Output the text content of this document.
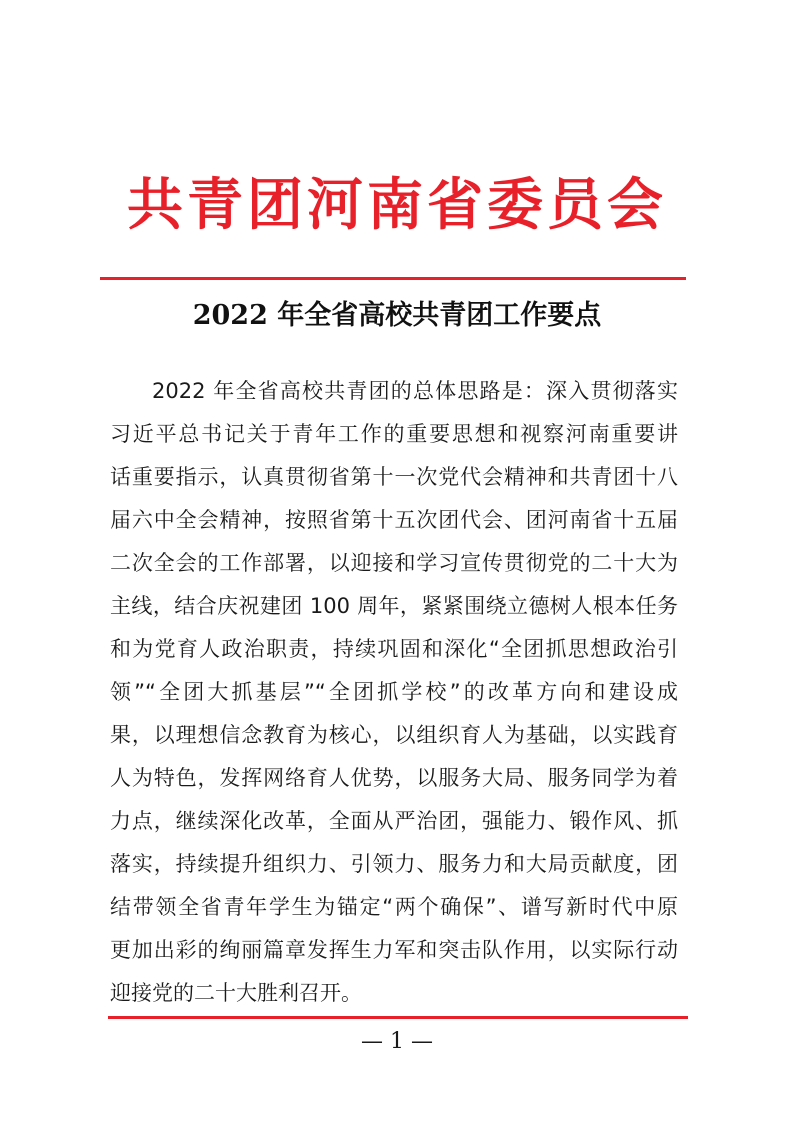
共青团河南省委员会
2022 年全省高校共青团工作要点
2022 年全省高校共青团的总体思路是：深入贯彻落实
习近平总书记关于青年工作的重要思想和视察河南重要讲
话重要指示，认真贯彻省第十一次党代会精神和共青团十八
届六中全会精神，按照省第十五次团代会、团河南省十五届
二次全会的工作部署，以迎接和学习宣传贯彻党的二十大为
主线，结合庆祝建团 100 周年，紧紧围绕立德树人根本任务
和为党育人政治职责，持续巩固和深化“全团抓思想政治引
领”“全团大抓基层”“全团抓学校”的改革方向和建设成
果，以理想信念教育为核心，以组织育人为基础，以实践育
人为特色，发挥网络育人优势，以服务大局、服务同学为着
力点，继续深化改革，全面从严治团，强能力、锻作风、抓
落实，持续提升组织力、引领力、服务力和大局贡献度，团
结带领全省青年学生为锚定“两个确保”、谱写新时代中原
更加出彩的绚丽篇章发挥生力军和突击队作用，以实际行动
迎接党的二十大胜利召开。
— 1 —
